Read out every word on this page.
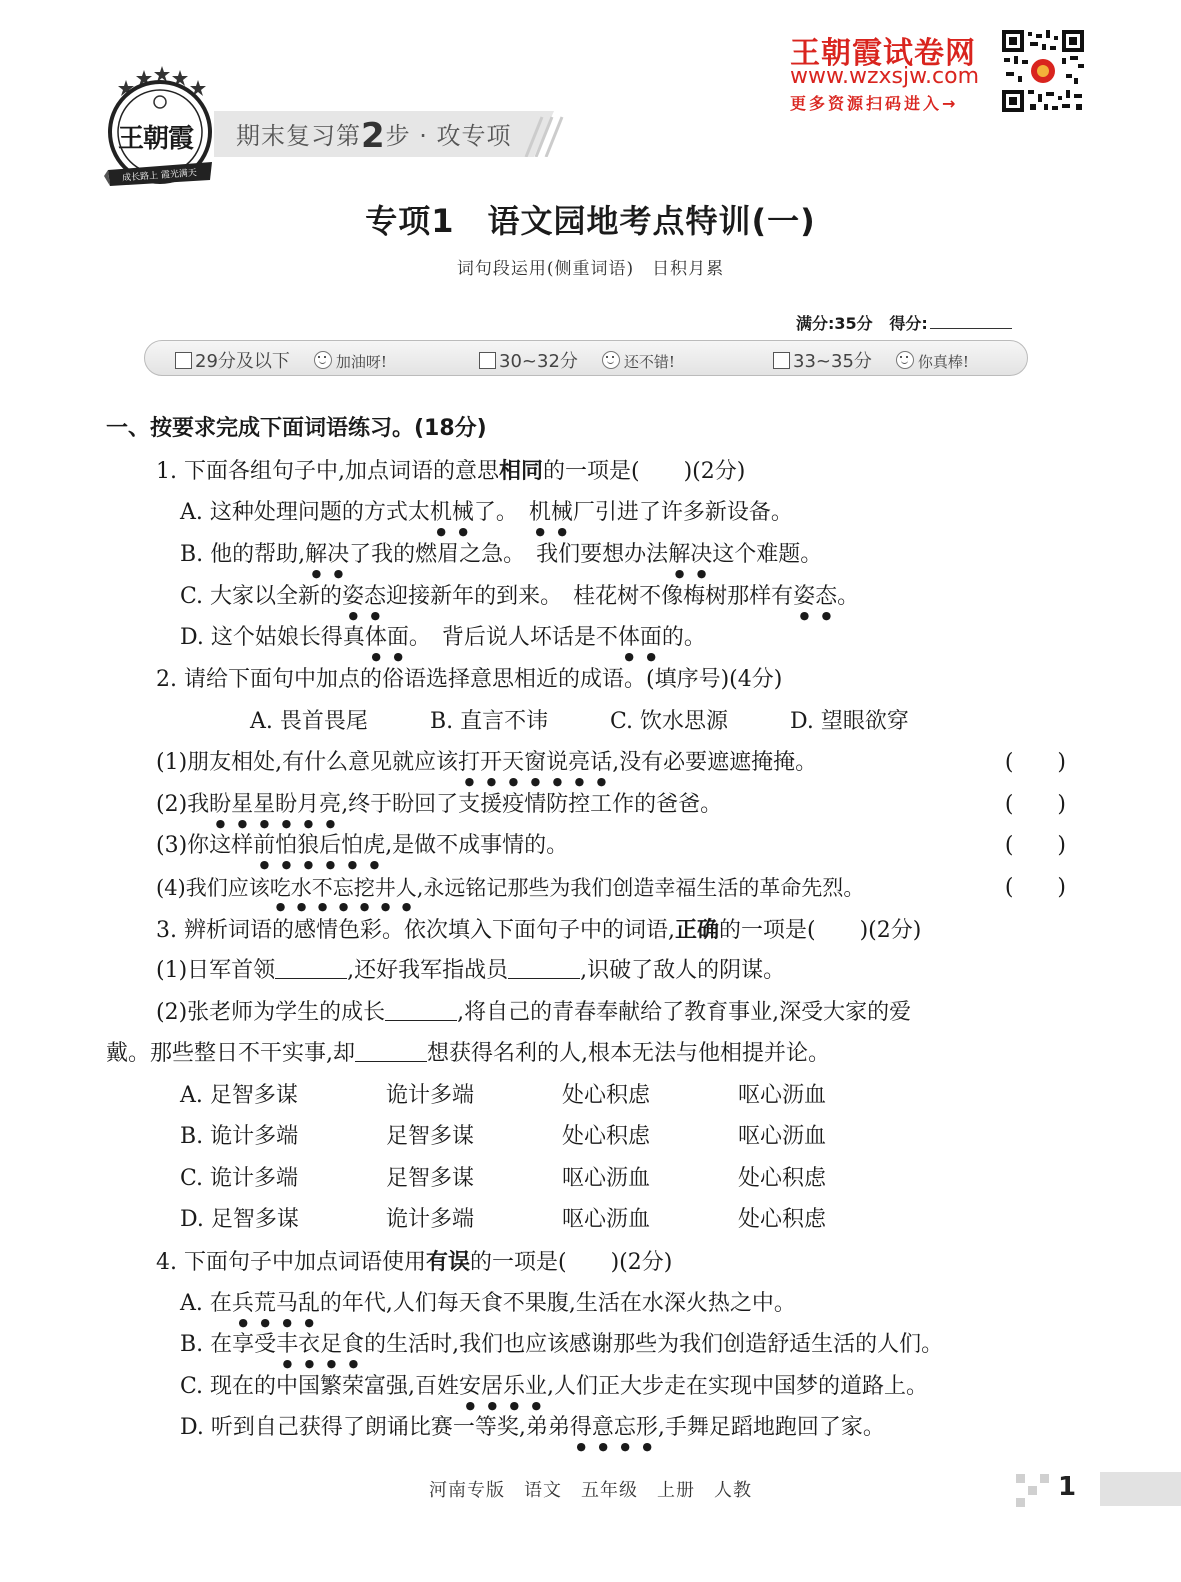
王朝霞
成长路上 霞光满天
期末复习第2步 · 攻专项
王朝霞试卷网
www.wzxsjw.com
更多资源扫码进入→
专项1　语文园地考点特训(一)
词句段运用(侧重词语)　日积月累
满分:35分 得分:
29分及以下	加油呀!	30~32分	还不错!	33~35分	你真棒!
一、按要求完成下面词语练习。(18分)
1. 下面各组句子中,加点词语的意思相同的一项是(　　)(2分)
A. 这种处理问题的方式太机械了。　机械厂引进了许多新设备。
B. 他的帮助,解决了我的燃眉之急。　我们要想办法解决这个难题。
C. 大家以全新的姿态迎接新年的到来。　桂花树不像梅树那样有姿态。
D. 这个姑娘长得真体面。　背后说人坏话是不体面的。
2. 请给下面句中加点的俗语选择意思相近的成语。(填序号)(4分)
A. 畏首畏尾	B. 直言不讳	C. 饮水思源	D. 望眼欲穿
(1)朋友相处,有什么意见就应该打开天窗说亮话,没有必要遮遮掩掩。	(　　)
(2)我盼星星盼月亮,终于盼回了支援疫情防控工作的爸爸。	(　　)
(3)你这样前怕狼后怕虎,是做不成事情的。	(　　)
(4)我们应该吃水不忘挖井人,永远铭记那些为我们创造幸福生活的革命先烈。	(　　)
3. 辨析词语的感情色彩。依次填入下面句子中的词语,正确的一项是(　　)(2分)
(1)日军首领	,还好我军指战员	,识破了敌人的阴谋。
(2)张老师为学生的成长	,将自己的青春奉献给了教育事业,深受大家的爱
戴。那些整日不干实事,却	想获得名利的人,根本无法与他相提并论。
A. 足智多谋	诡计多端	处心积虑	呕心沥血
B. 诡计多端	足智多谋	处心积虑	呕心沥血
C. 诡计多端	足智多谋	呕心沥血	处心积虑
D. 足智多谋	诡计多端	呕心沥血	处心积虑
4. 下面句子中加点词语使用有误的一项是(　　)(2分)
A. 在兵荒马乱的年代,人们每天食不果腹,生活在水深火热之中。
B. 在享受丰衣足食的生活时,我们也应该感谢那些为我们创造舒适生活的人们。
C. 现在的中国繁荣富强,百姓安居乐业,人们正大步走在实现中国梦的道路上。
D. 听到自己获得了朗诵比赛一等奖,弟弟得意忘形,手舞足蹈地跑回了家。
河南专版　语文　五年级　上册　人教	1
